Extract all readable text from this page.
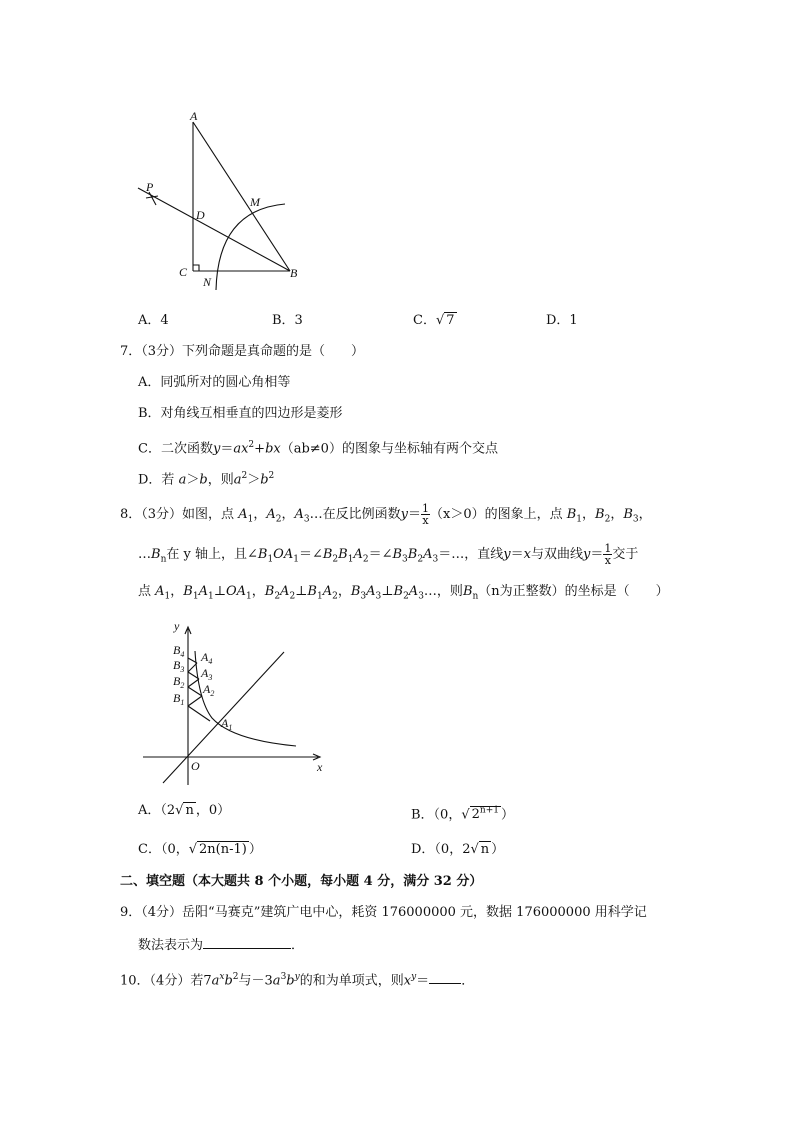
A
P
D
M
C
N
B
y
x
O
$B_4$
$B_3$
$B_2$
$B_1$
$A_4$
$A_3$
$A_2$
$A_1$
A．4	B．3	C．√ 7	D．1
7．（3分）下列命题是真命题的是（　　）
A．同弧所对的圆心角相等
B．对角线互相垂直的四边形是菱形
C．二次函数$y=ax^2+bx(ab\ne 0)$的图象与坐标轴有两个交点
D．若 a＞b，则$a^2>b^2$
8．（3分）如图，点 $A_1$，$A_2$，$A_3\dots$在反比例函数$y= \frac{1}{x} (x>0)$的图象上，点 $B_1$，$B_2$，$B_3$，
$\dots B_n$在 y 轴上，且$\angle B_1OA_1=\angle B_2B_1A_2=\angle B_3B_2A_3=\dots$，直线y＝x与双曲线$y= \frac{1}{x}$ 交于
点 $A_1$，$B_1A_1\perp OA_1$，$B_2A_2\perp B_1A_2$，$B_3A_3\perp B_2A_3\dots$，则$B_n(n$为正整数）的坐标是（　　）
A．（2√ n ，0）	B．（0，√ $2^{n+1}$ ）
C．（0，√ 2n(n-1) ）	D．（0，2√ n ）
二、填空题（本大题共 8 个小题，每小题 4 分，满分 32 分）
9．（4分）岳阳“马赛克”建筑广电中心，耗资 176000000 元，数据 176000000 用科学记
数法表示为	．
10．（4分）若$7a^xb^2$与$-3a^3b^y$的和为单项式，则$x^y=$ ．
